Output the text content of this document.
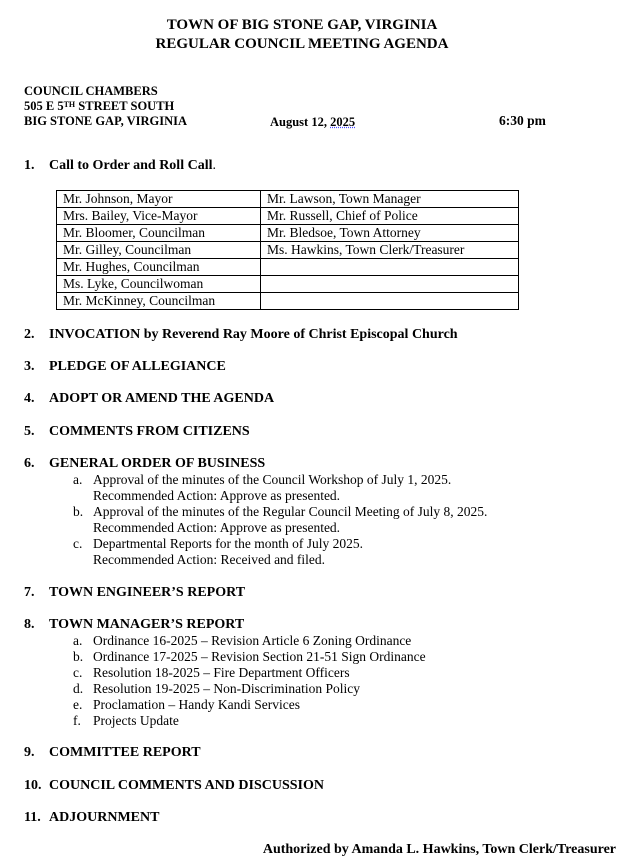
TOWN OF BIG STONE GAP, VIRGINIA
REGULAR COUNCIL MEETING AGENDA
COUNCIL CHAMBERS
505 E 5TH STREET SOUTH
BIG STONE GAP, VIRGINIA	August 12, 2025	6:30 pm
1. Call to Order and Roll Call.
Mr. Johnson, Mayor	Mr. Lawson, Town Manager
Mrs. Bailey, Vice-Mayor	Mr. Russell, Chief of Police
Mr. Bloomer, Councilman	Mr. Bledsoe, Town Attorney
Mr. Gilley, Councilman	Ms. Hawkins, Town Clerk/Treasurer
Mr. Hughes, Councilman	
Ms. Lyke, Councilwoman	
Mr. McKinney, Councilman	
2. INVOCATION by Reverend Ray Moore of Christ Episcopal Church
3. PLEDGE OF ALLEGIANCE
4. ADOPT OR AMEND THE AGENDA
5. COMMENTS FROM CITIZENS
6. GENERAL ORDER OF BUSINESS
a. Approval of the minutes of the Council Workshop of July 1, 2025.
Recommended Action: Approve as presented.
b. Approval of the minutes of the Regular Council Meeting of July 8, 2025.
Recommended Action: Approve as presented.
c. Departmental Reports for the month of July 2025.
Recommended Action: Received and filed.
7. TOWN ENGINEER’S REPORT
8. TOWN MANAGER’S REPORT
a. Ordinance 16-2025 – Revision Article 6 Zoning Ordinance
b. Ordinance 17-2025 – Revision Section 21-51 Sign Ordinance
c. Resolution 18-2025 – Fire Department Officers
d. Resolution 19-2025 – Non-Discrimination Policy
e. Proclamation – Handy Kandi Services
f. Projects Update
9. COMMITTEE REPORT
10. COUNCIL COMMENTS AND DISCUSSION
11. ADJOURNMENT
Authorized by Amanda L. Hawkins, Town Clerk/Treasurer
